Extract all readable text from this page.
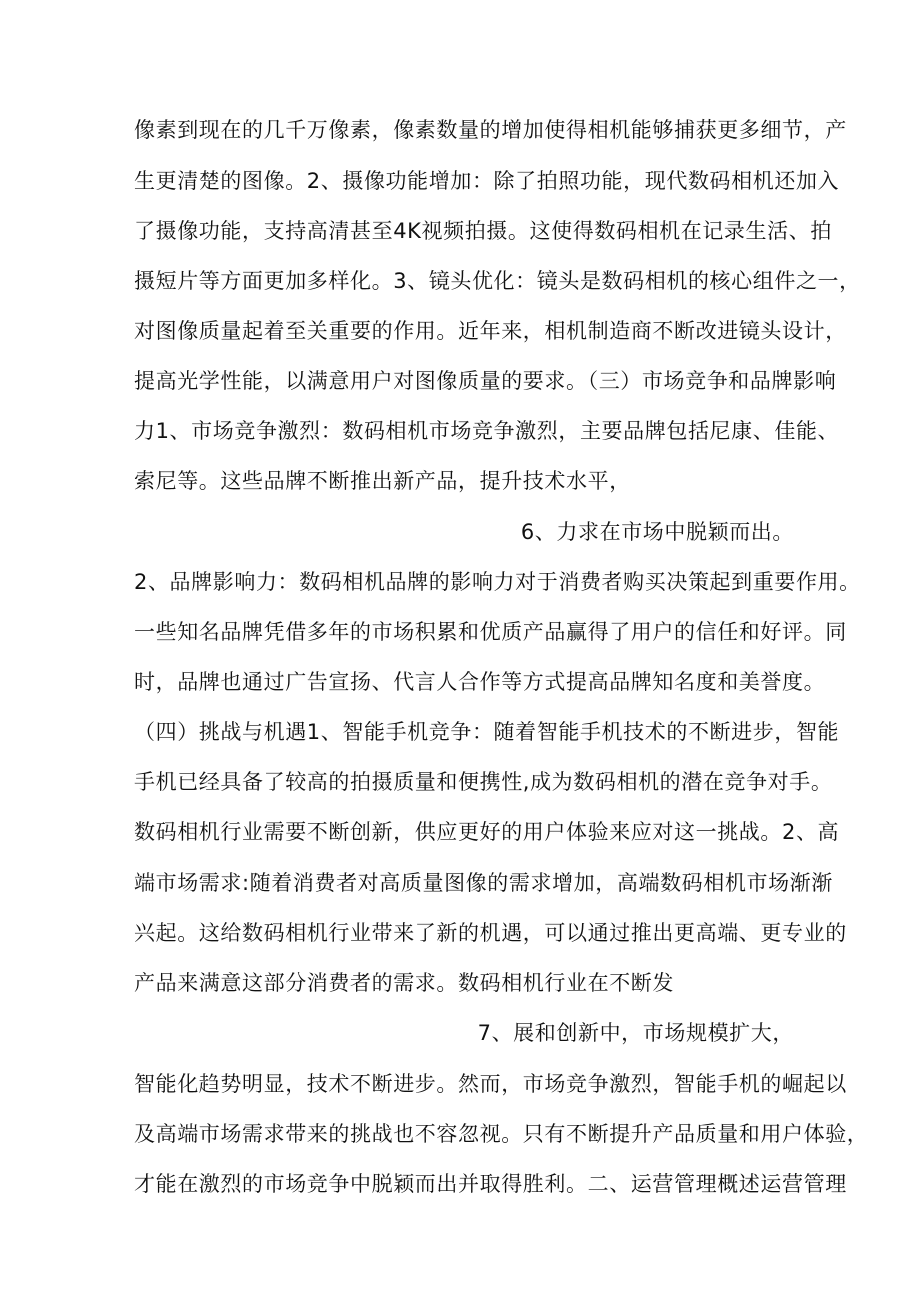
像素到现在的几千万像素，像素数量的增加使得相机能够捕获更多细节，产
生更清楚的图像。2、摄像功能增加：除了拍照功能，现代数码相机还加入
了摄像功能，支持高清甚至4K视频拍摄。这使得数码相机在记录生活、拍
摄短片等方面更加多样化。3、镜头优化：镜头是数码相机的核心组件之一，
对图像质量起着至关重要的作用。近年来，相机制造商不断改进镜头设计，
提高光学性能，以满意用户对图像质量的要求。（三）市场竞争和品牌影响
力1、市场竞争激烈：数码相机市场竞争激烈，主要品牌包括尼康、佳能、
索尼等。这些品牌不断推出新产品，提升技术水平，
6、力求在市场中脱颖而出。
2、品牌影响力：数码相机品牌的影响力对于消费者购买决策起到重要作用。
一些知名品牌凭借多年的市场积累和优质产品赢得了用户的信任和好评。同
时，品牌也通过广告宣扬、代言人合作等方式提高品牌知名度和美誉度。
（四）挑战与机遇1、智能手机竞争：随着智能手机技术的不断进步，智能
手机已经具备了较高的拍摄质量和便携性,成为数码相机的潜在竞争对手。
数码相机行业需要不断创新，供应更好的用户体验来应对这一挑战。2、高
端市场需求:随着消费者对高质量图像的需求增加，高端数码相机市场渐渐
兴起。这给数码相机行业带来了新的机遇，可以通过推出更高端、更专业的
产品来满意这部分消费者的需求。数码相机行业在不断发
7、展和创新中，市场规模扩大，
智能化趋势明显，技术不断进步。然而，市场竞争激烈，智能手机的崛起以
及高端市场需求带来的挑战也不容忽视。只有不断提升产品质量和用户体验，
才能在激烈的市场竞争中脱颖而出并取得胜利。二、运营管理概述运营管理
